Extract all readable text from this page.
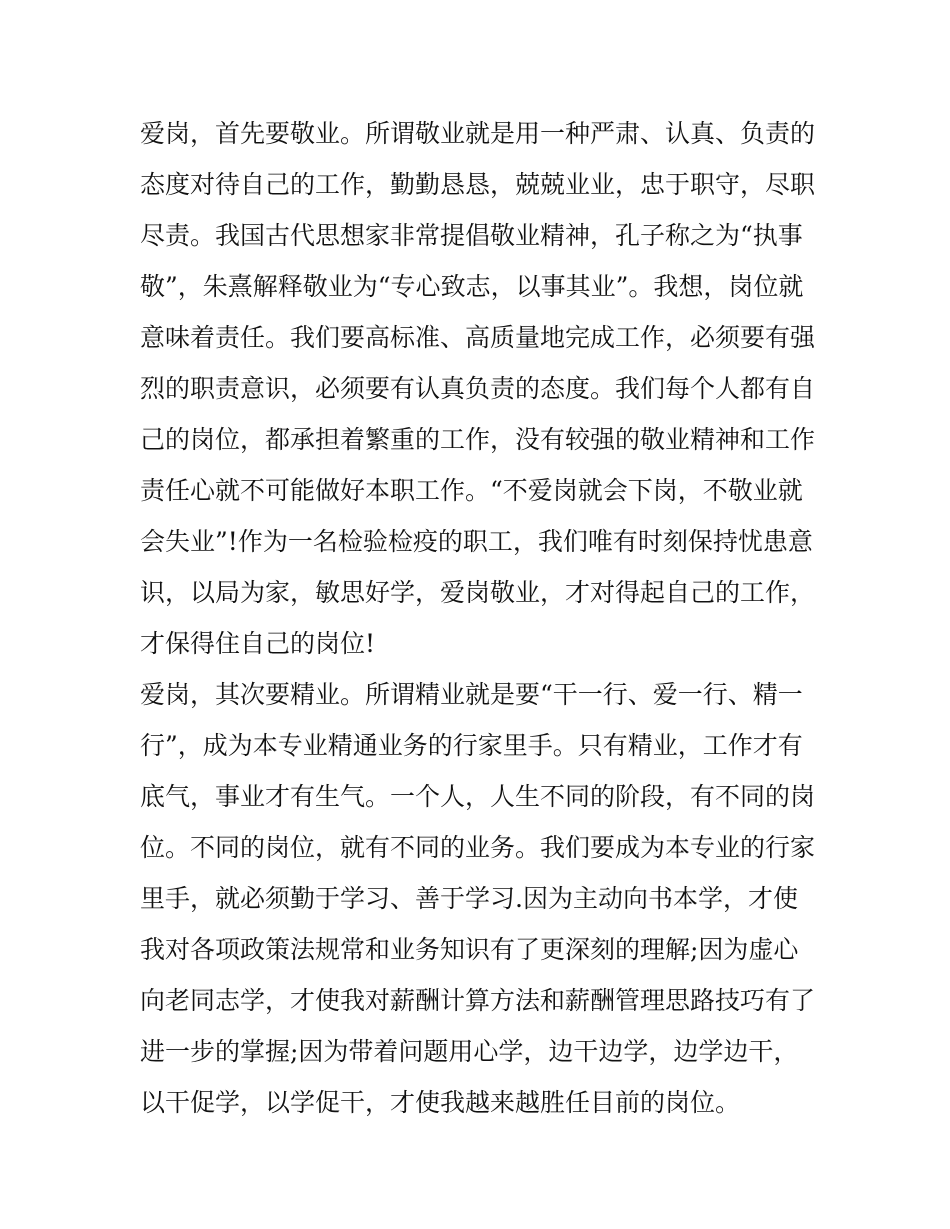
爱岗，首先要敬业。所谓敬业就是用一种严肃、认真、负责的
态度对待自己的工作，勤勤恳恳，兢兢业业，忠于职守，尽职
尽责。我国古代思想家非常提倡敬业精神，孔子称之为“执事
敬”，朱熹解释敬业为“专心致志，以事其业”。我想，岗位就
意味着责任。我们要高标准、高质量地完成工作，必须要有强
烈的职责意识，必须要有认真负责的态度。我们每个人都有自
己的岗位，都承担着繁重的工作，没有较强的敬业精神和工作
责任心就不可能做好本职工作。“不爱岗就会下岗，不敬业就
会失业”!作为一名检验检疫的职工，我们唯有时刻保持忧患意
识，以局为家，敏思好学，爱岗敬业，才对得起自己的工作，
才保得住自己的岗位!
爱岗，其次要精业。所谓精业就是要“干一行、爱一行、精一
行”，成为本专业精通业务的行家里手。只有精业，工作才有
底气，事业才有生气。一个人，人生不同的阶段，有不同的岗
位。不同的岗位，就有不同的业务。我们要成为本专业的行家
里手，就必须勤于学习、善于学习.因为主动向书本学，才使
我对各项政策法规常和业务知识有了更深刻的理解;因为虚心
向老同志学，才使我对薪酬计算方法和薪酬管理思路技巧有了
进一步的掌握;因为带着问题用心学，边干边学，边学边干，
以干促学，以学促干，才使我越来越胜任目前的岗位。
